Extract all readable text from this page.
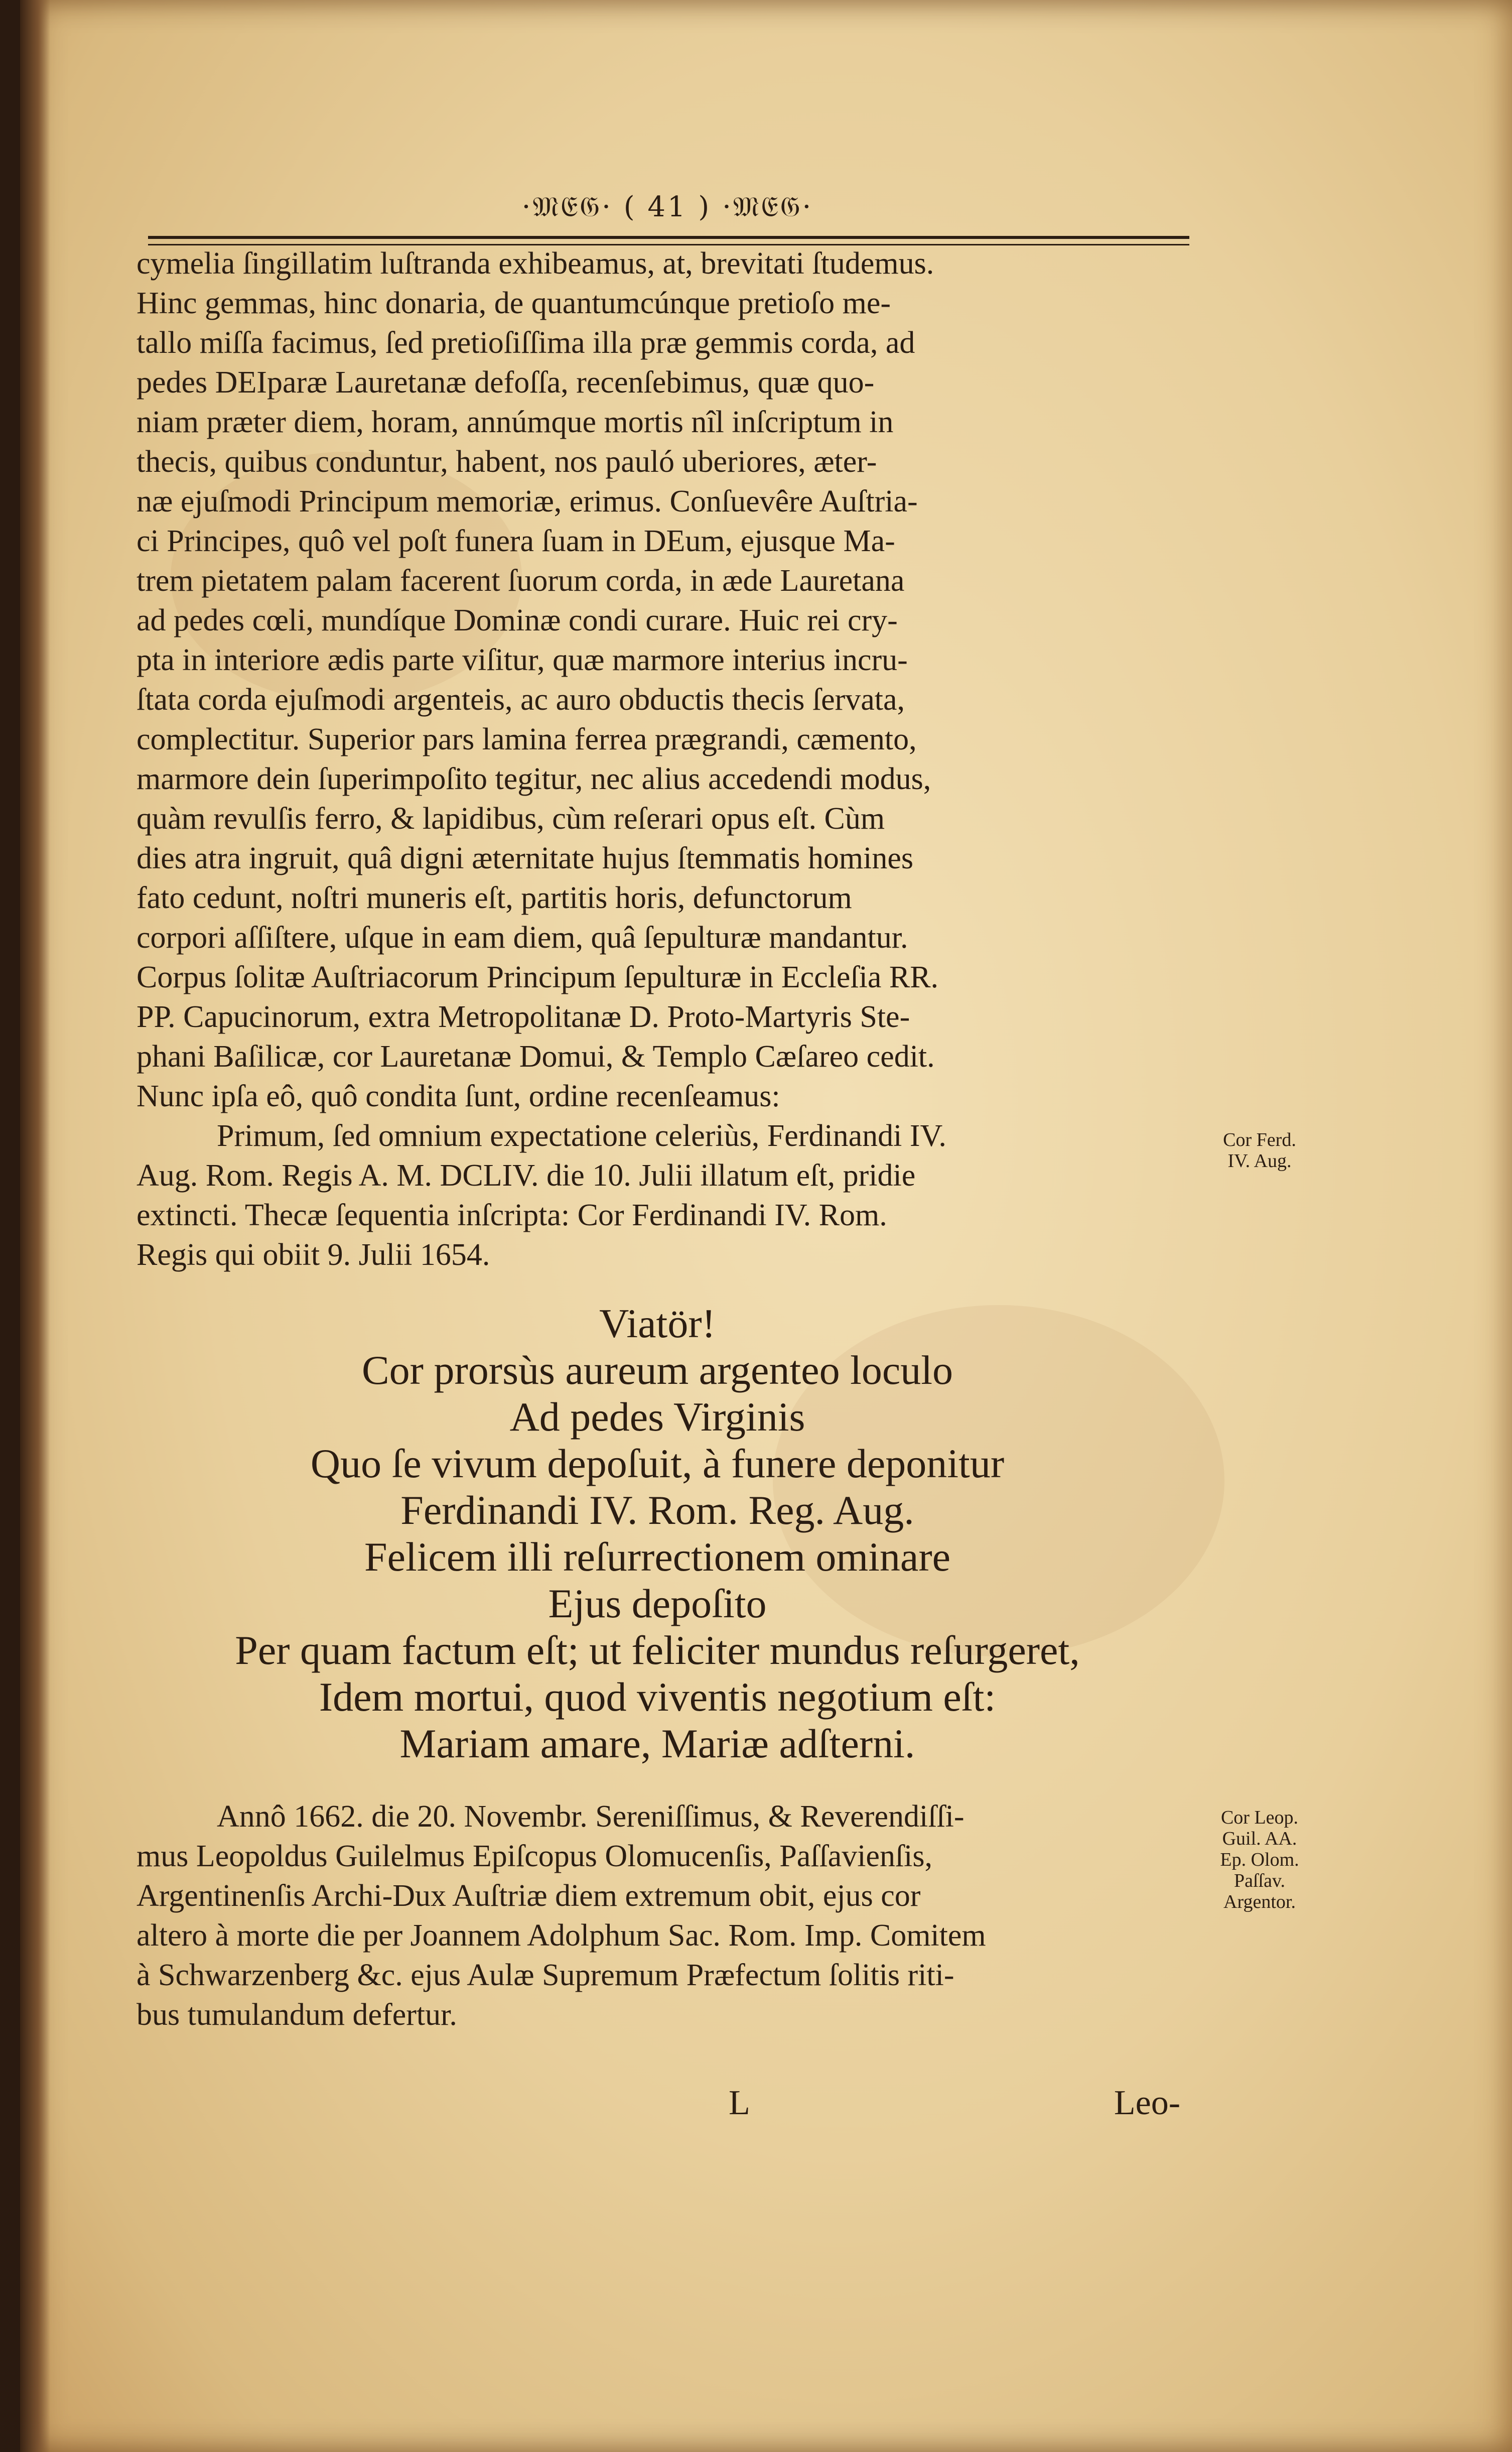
·𝔐𝔈𝔊· ( 41 ) ·𝔐𝔈𝔊·
cymelia ſingillatim luſtranda exhibeamus, at, brevitati ſtudemus.
Hinc gemmas, hinc donaria, de quantumcúnque pretioſo me-
tallo miſſa facimus, ſed pretioſiſſima illa præ gemmis corda, ad
pedes DEIparæ Lauretanæ defoſſa, recenſebimus, quæ quo-
niam præter diem, horam, annúmque mortis nîl inſcriptum in
thecis, quibus conduntur, habent, nos pauló uberiores, æter-
næ ejuſmodi Principum memoriæ, erimus. Conſuevêre Auſtria-
ci Principes, quô vel poſt funera ſuam in DEum, ejusque Ma-
trem pietatem palam facerent ſuorum corda, in æde Lauretana
ad pedes cœli, mundíque Dominæ condi curare. Huic rei cry-
pta in interiore ædis parte viſitur, quæ marmore interius incru-
ſtata corda ejuſmodi argenteis, ac auro obductis thecis ſervata,
complectitur. Superior pars lamina ferrea prægrandi, cæmento,
marmore dein ſuperimpoſito tegitur, nec alius accedendi modus,
quàm revulſis ferro, & lapidibus, cùm reſerari opus eſt. Cùm
dies atra ingruit, quâ digni æternitate hujus ſtemmatis homines
fato cedunt, noſtri muneris eſt, partitis horis, defunctorum
corpori aſſiſtere, uſque in eam diem, quâ ſepulturæ mandantur.
Corpus ſolitæ Auſtriacorum Principum ſepulturæ in Eccleſia RR.
PP. Capucinorum, extra Metropolitanæ D. Proto-Martyris Ste-
phani Baſilicæ, cor Lauretanæ Domui, & Templo Cæſareo cedit.
Nunc ipſa eô, quô condita ſunt, ordine recenſeamus:
Primum, ſed omnium expectatione celeriùs, Ferdinandi IV.
Aug. Rom. Regis A. M. DCLIV. die 10. Julii illatum eſt, pridie
extincti. Thecæ ſequentia inſcripta: Cor Ferdinandi IV. Rom.
Regis qui obiit 9. Julii 1654.
Viatör!
Cor prorsùs aureum argenteo loculo
Ad pedes Virginis
Quo ſe vivum depoſuit, à funere deponitur
Ferdinandi IV. Rom. Reg. Aug.
Felicem illi reſurrectionem ominare
Ejus depoſito
Per quam factum eſt; ut feliciter mundus reſurgeret,
Idem mortui, quod viventis negotium eſt:
Mariam amare, Mariæ adſterni.
Annô 1662. die 20. Novembr. Sereniſſimus, & Reverendiſſi-
mus Leopoldus Guilelmus Epiſcopus Olomucenſis, Paſſavienſis,
Argentinenſis Archi-Dux Auſtriæ diem extremum obit, ejus cor
altero à morte die per Joannem Adolphum Sac. Rom. Imp. Comitem
à Schwarzenberg &c. ejus Aulæ Supremum Præfectum ſolitis riti-
bus tumulandum defertur.
Cor Ferd.
IV. Aug.
Cor Leop.
Guil. AA.
Ep. Olom.
Paſſav.
Argentor.
L	Leo-
